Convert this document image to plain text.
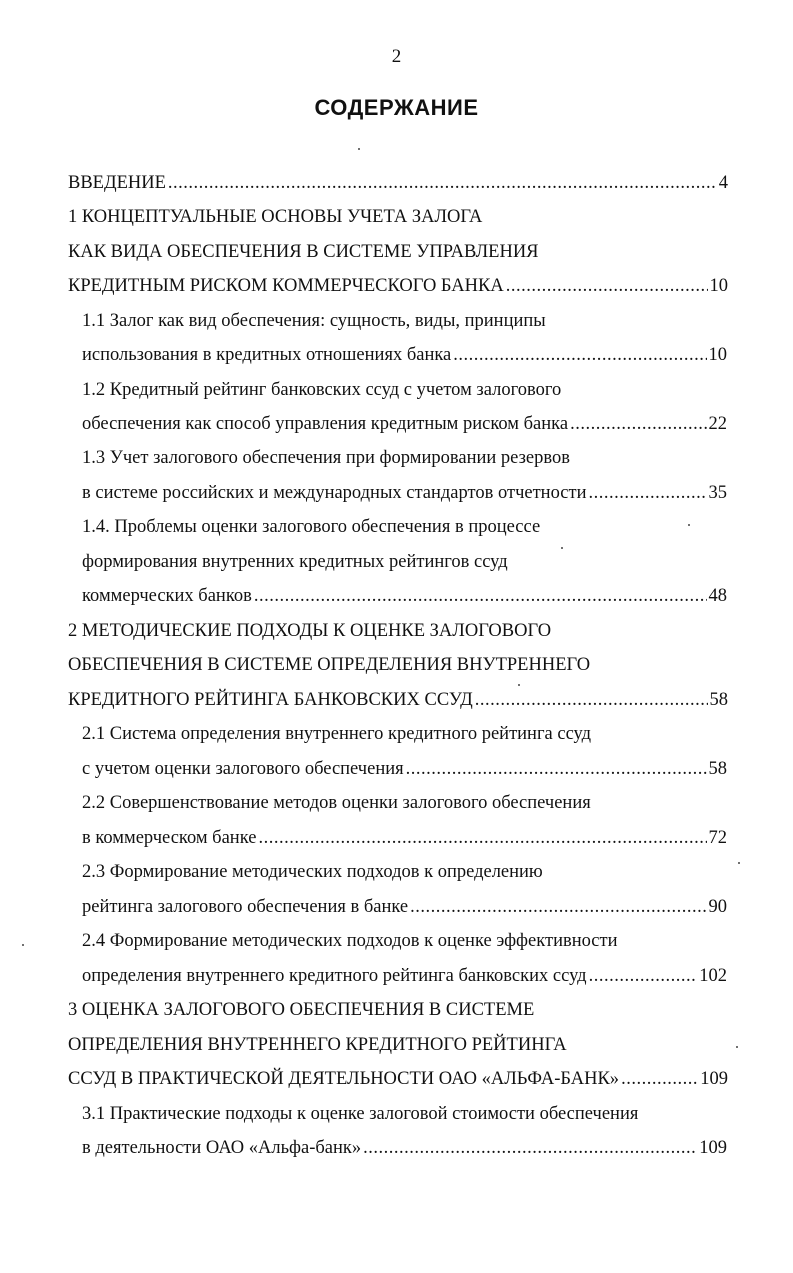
2
СОДЕРЖАНИЕ
ВВЕДЕНИЕ .....	4
1 КОНЦЕПТУАЛЬНЫЕ ОСНОВЫ УЧЕТА ЗАЛОГА
КАК ВИДА ОБЕСПЕЧЕНИЯ В СИСТЕМЕ УПРАВЛЕНИЯ
КРЕДИТНЫМ РИСКОМ КОММЕРЧЕСКОГО БАНКА .....	10
1.1 Залог как вид обеспечения: сущность, виды, принципы
использования в кредитных отношениях банка .....	10
1.2 Кредитный рейтинг банковских ссуд с учетом залогового
обеспечения как способ управления кредитным риском банка .....	22
1.3 Учет залогового обеспечения при формировании резервов
в системе российских и международных стандартов отчетности .....	35
1.4. Проблемы оценки залогового обеспечения в процессе
формирования внутренних кредитных рейтингов ссуд
коммерческих банков .....	48
2 МЕТОДИЧЕСКИЕ ПОДХОДЫ К ОЦЕНКЕ ЗАЛОГОВОГО
ОБЕСПЕЧЕНИЯ В СИСТЕМЕ ОПРЕДЕЛЕНИЯ ВНУТРЕННЕГО
КРЕДИТНОГО РЕЙТИНГА БАНКОВСКИХ ССУД .....	58
2.1 Система определения внутреннего кредитного рейтинга ссуд
с учетом оценки залогового обеспечения .....	58
2.2 Совершенствование методов оценки залогового обеспечения
в коммерческом банке .....	72
2.3 Формирование методических подходов к определению
рейтинга залогового обеспечения в банке .....	90
2.4 Формирование методических подходов к оценке эффективности
определения внутреннего кредитного рейтинга банковских ссуд .....	102
3 ОЦЕНКА ЗАЛОГОВОГО ОБЕСПЕЧЕНИЯ В СИСТЕМЕ
ОПРЕДЕЛЕНИЯ ВНУТРЕННЕГО КРЕДИТНОГО РЕЙТИНГА
ССУД В ПРАКТИЧЕСКОЙ ДЕЯТЕЛЬНОСТИ ОАО «АЛЬФА-БАНК» .....	109
3.1 Практические подходы к оценке залоговой стоимости обеспечения
в деятельности ОАО «Альфа-банк» .....	109
